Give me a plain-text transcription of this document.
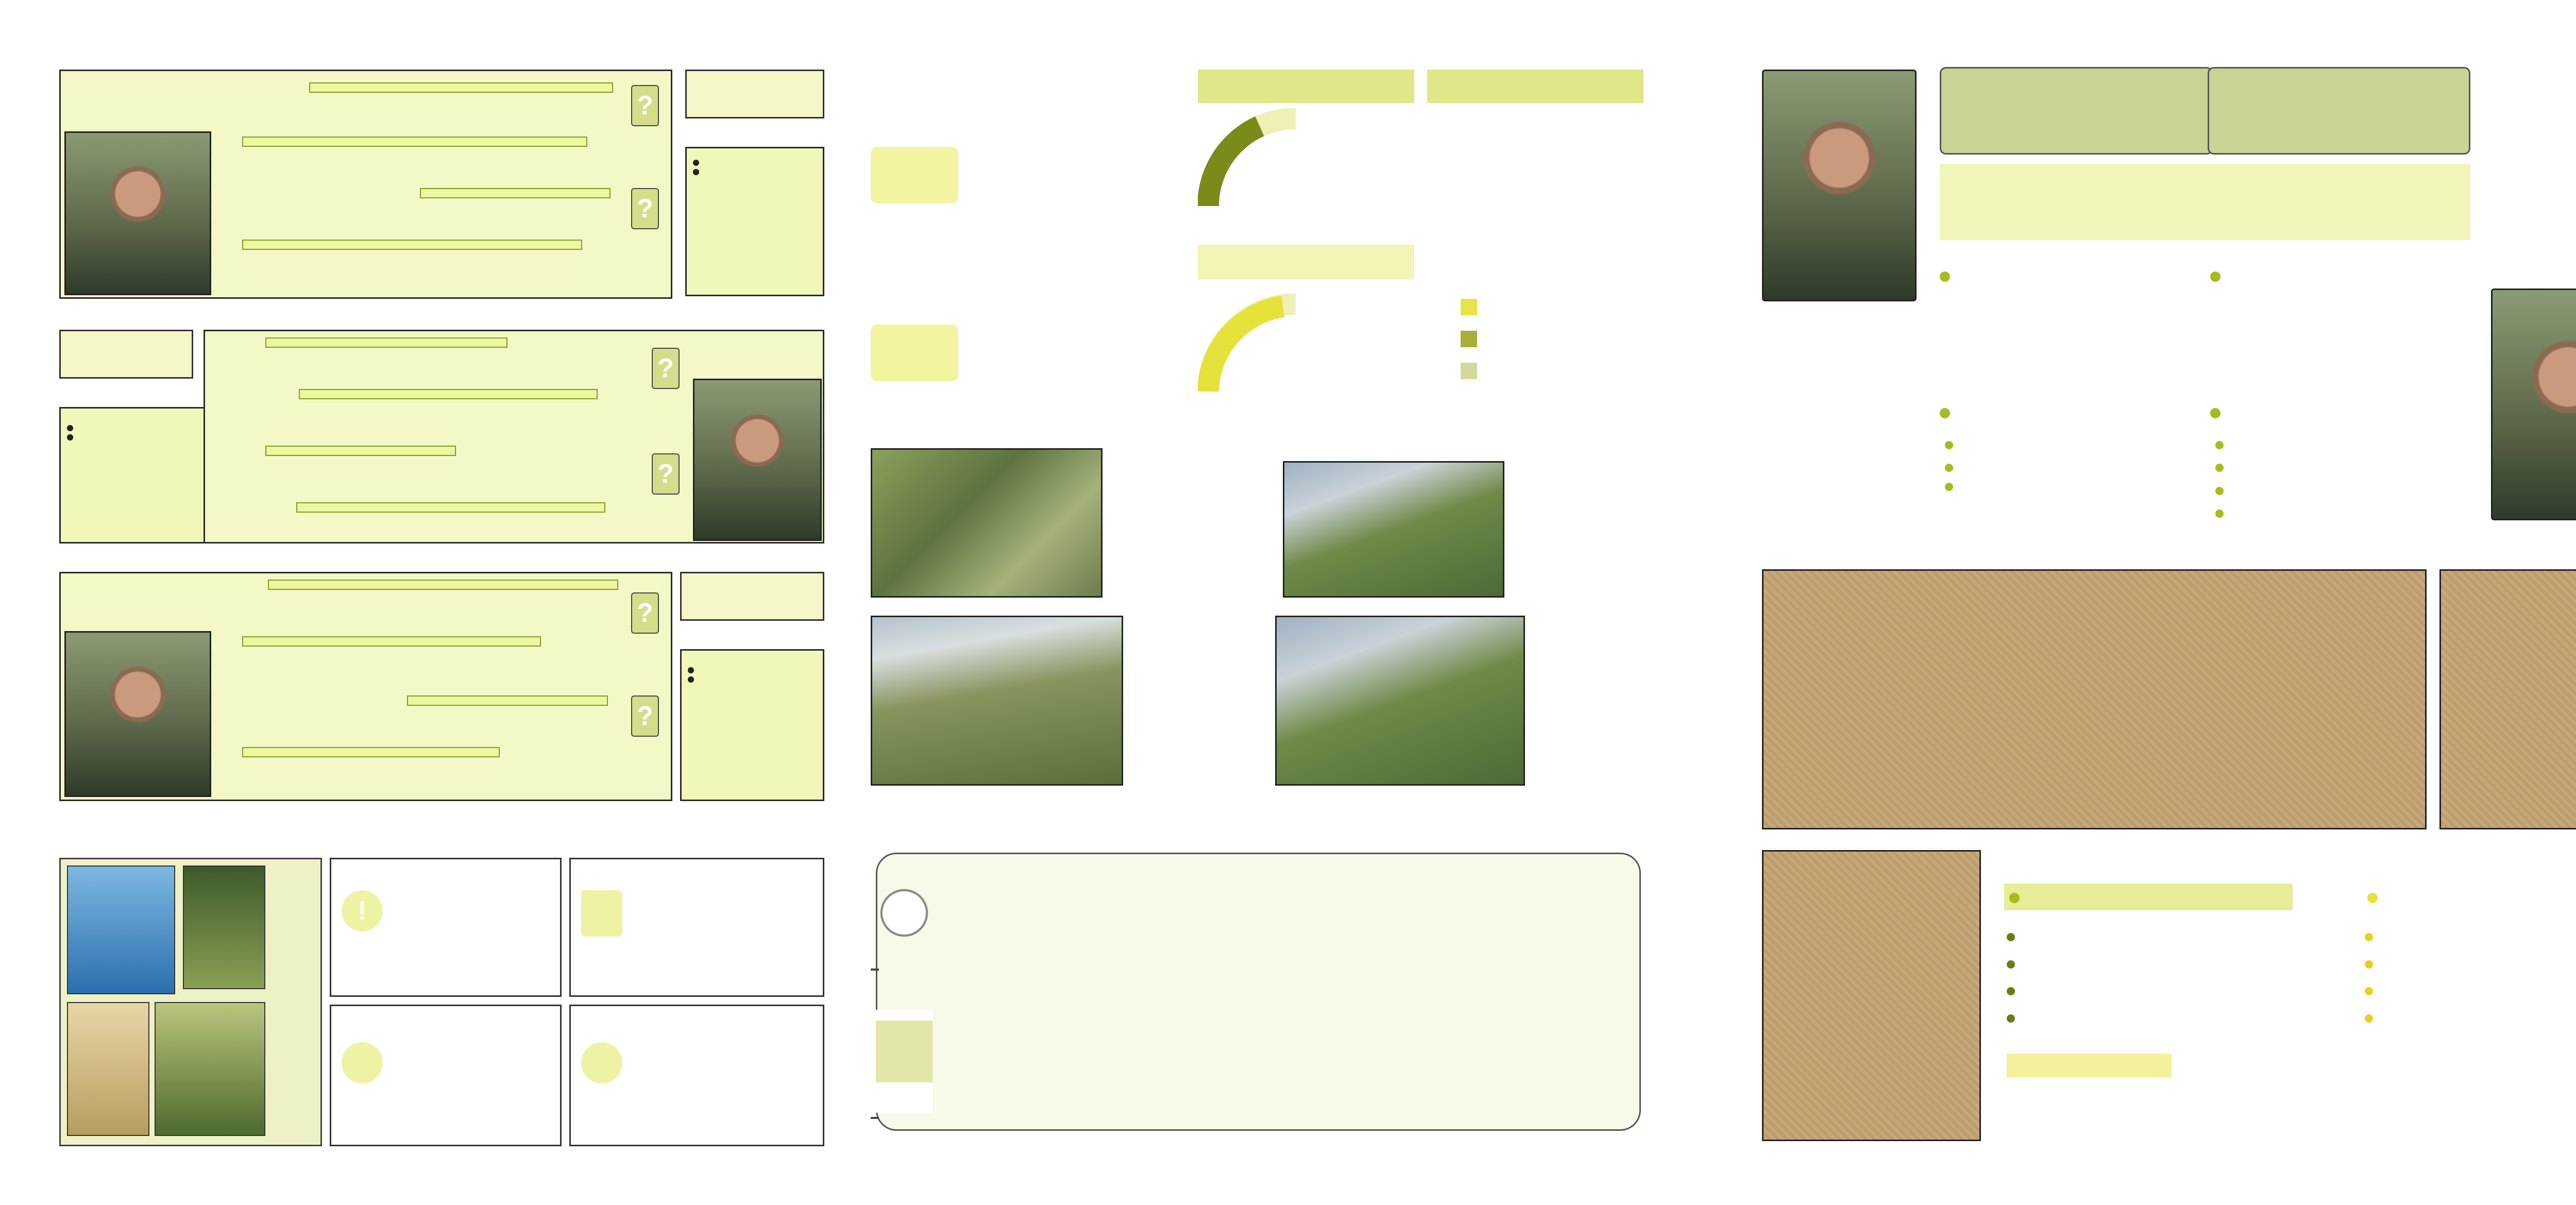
?
?
?
?
?
?
!
